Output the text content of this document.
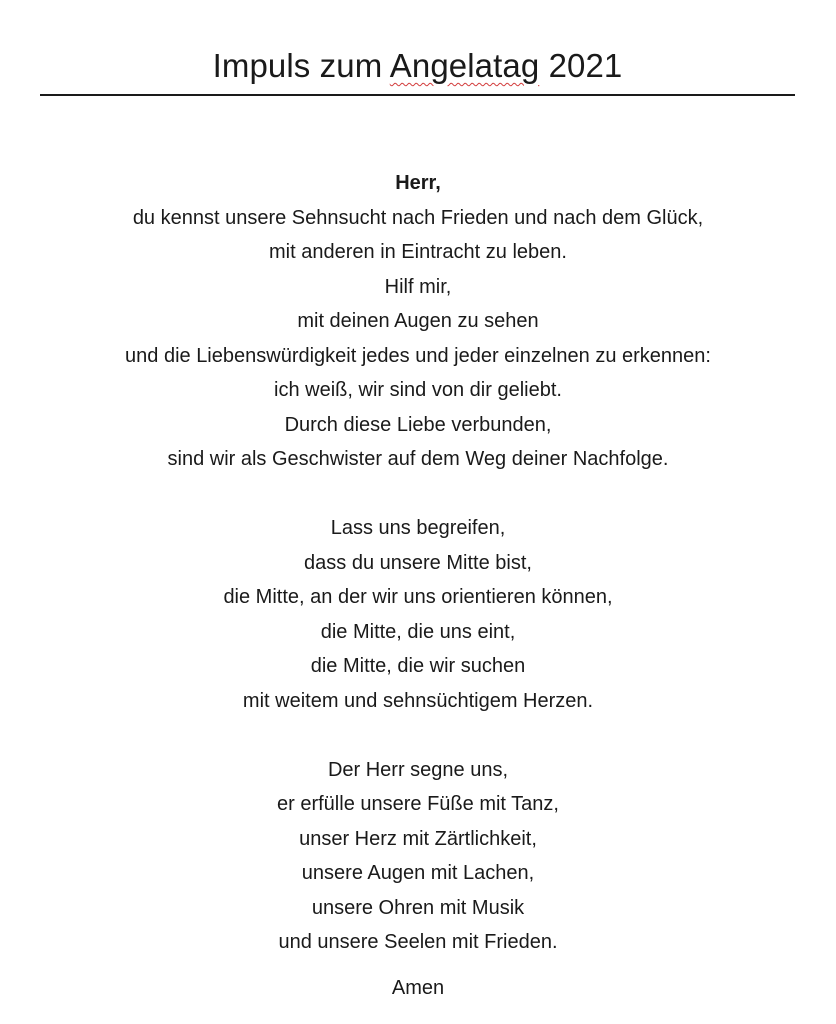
Impuls zum Angelatag 2021
Herr,
du kennst unsere Sehnsucht nach Frieden und nach dem Glück,
mit anderen in Eintracht zu leben.
Hilf mir,
mit deinen Augen zu sehen
und die Liebenswürdigkeit jedes und jeder einzelnen zu erkennen:
ich weiß, wir sind von dir geliebt.
Durch diese Liebe verbunden,
sind wir als Geschwister auf dem Weg deiner Nachfolge.
Lass uns begreifen,
dass du unsere Mitte bist,
die Mitte, an der wir uns orientieren können,
die Mitte, die uns eint,
die Mitte, die wir suchen
mit weitem und sehnsüchtigem Herzen.
Der Herr segne uns,
er erfülle unsere Füße mit Tanz,
unser Herz mit Zärtlichkeit,
unsere Augen mit Lachen,
unsere Ohren mit Musik
und unsere Seelen mit Frieden.
Amen
